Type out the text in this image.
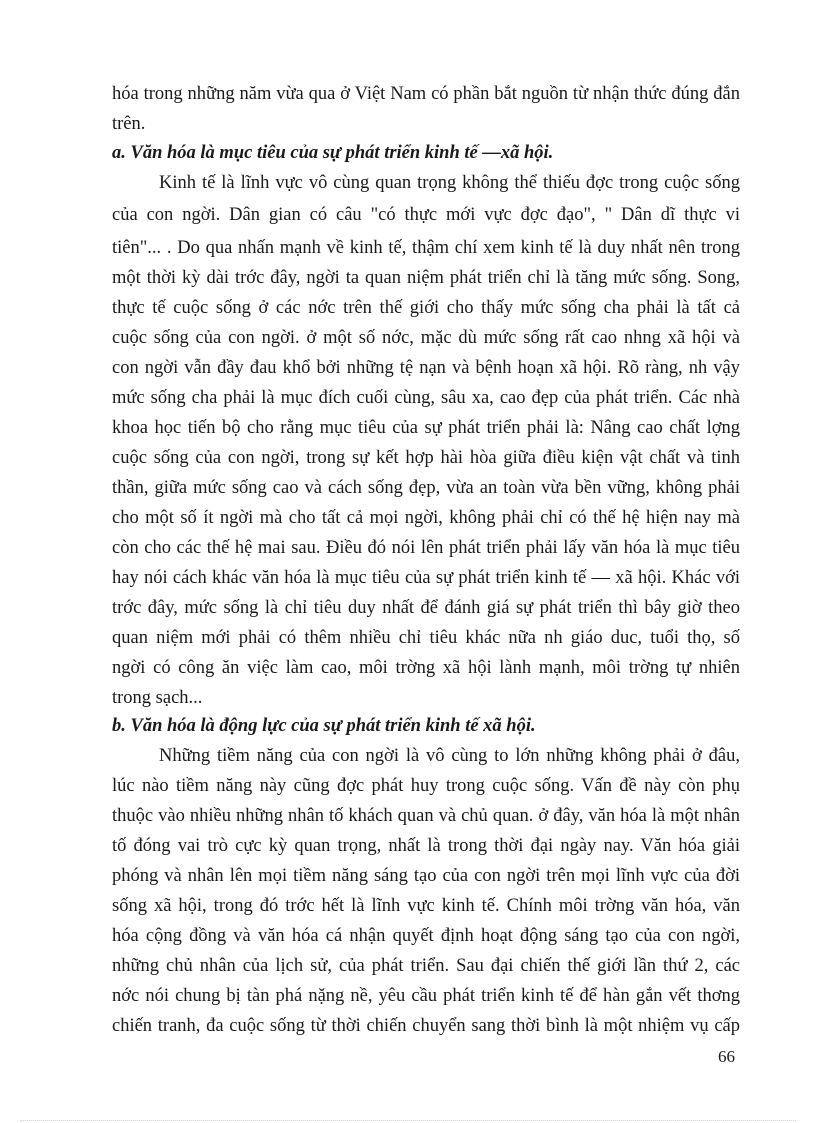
hóa trong những năm vừa qua ở Việt Nam có phần bắt nguồn từ nhận thức đúng đắn
trên.
a. Văn hóa là mục tiêu của sự phát triển kinh tế —xã hội.
Kinh tế là lĩnh vực vô cùng quan trọng không thể thiếu đợc trong cuộc sống
của con ngời. Dân gian có câu "có thực mới vực đợc đạo", " Dân dĩ thực vi
tiên"... . Do qua nhấn mạnh về kinh tế, thậm chí xem kinh tế là duy nhất nên trong
một thời kỳ dài trớc đây, ngời ta quan niệm phát triển chỉ là tăng mức sống. Song,
thực tế cuộc sống ở các nớc trên thế giới cho thấy mức sống cha phải là tất cả
cuộc sống của con ngời. ở một số nớc, mặc dù mức sống rất cao nhng xã hội và
con ngời vẫn đầy đau khổ bởi những tệ nạn và bệnh hoạn xã hội. Rõ ràng, nh vậy
mức sống cha phải là mục đích cuối cùng, sâu xa, cao đẹp của phát triển. Các nhà
khoa học tiến bộ cho rằng mục tiêu của sự phát triển phải là: Nâng cao chất lợng
cuộc sống của con ngời, trong sự kết hợp hài hòa giữa điều kiện vật chất và tinh
thần, giữa mức sống cao và cách sống đẹp, vừa an toàn vừa bền vững, không phải
cho một số ít ngời mà cho tất cả mọi ngời, không phải chỉ có thế hệ hiện nay mà
còn cho các thế hệ mai sau. Điều đó nói lên phát triển phải lấy văn hóa là mục tiêu
hay nói cách khác văn hóa là mục tiêu của sự phát triển kinh tế — xã hội. Khác với
trớc đây, mức sống là chỉ tiêu duy nhất để đánh giá sự phát triển thì bây giờ theo
quan niệm mới phải có thêm nhiều chỉ tiêu khác nữa nh giáo duc, tuổi thọ, số
ngời có công ăn việc làm cao, môi trờng xã hội lành mạnh, môi trờng tự nhiên
trong sạch...
b. Văn hóa là động lực của sự phát triển kinh tế xã hội.
Những tiềm năng của con ngời là vô cùng to lớn những không phải ở đâu,
lúc nào tiềm năng này cũng đợc phát huy trong cuộc sống. Vấn đề này còn phụ
thuộc vào nhiều những nhân tố khách quan và chủ quan. ở đây, văn hóa là một nhân
tố đóng vai trò cực kỳ quan trọng, nhất là trong thời đại ngày nay. Văn hóa giải
phóng và nhân lên mọi tiềm năng sáng tạo của con ngời trên mọi lĩnh vực của đời
sống xã hội, trong đó trớc hết là lĩnh vực kinh tế. Chính môi trờng văn hóa, văn
hóa cộng đồng và văn hóa cá nhận quyết định hoạt động sáng tạo của con ngời,
những chủ nhân của lịch sử, của phát triển. Sau đại chiến thế giới lần thứ 2, các
nớc nói chung bị tàn phá nặng nề, yêu cầu phát triển kinh tế để hàn gắn vết thơng
chiến tranh, đa cuộc sống từ thời chiến chuyển sang thời bình là một nhiệm vụ cấp
66
